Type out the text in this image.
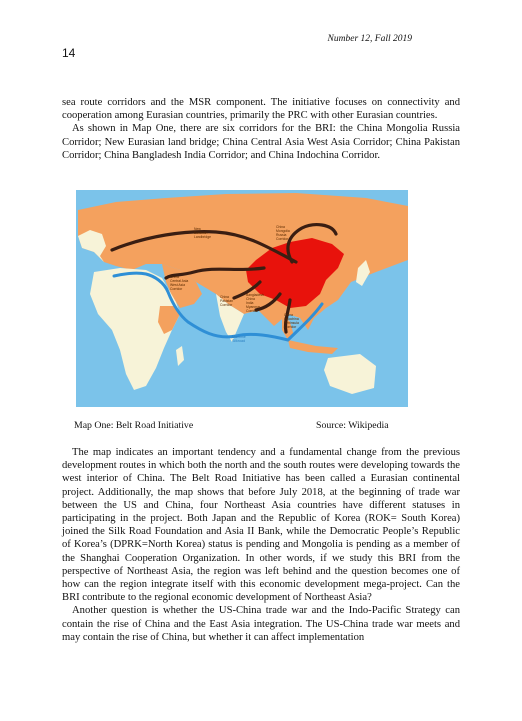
Number 12, Fall 2019
14

sea route corridors and the MSR component. The initiative focuses on connectivity and cooperation among Eurasian countries, primarily the PRC with other Eurasian countries.

As shown in Map One, there are six corridors for the BRI: the China Mongolia Russia Corridor; New Eurasian land bridge; China Central Asia West Asia Corridor; China Pakistan Corridor; China Bangladesh India Corridor; and China Indochina Corridor.

New Eurasian Landbridge
China Mongolia Russia Corridor
China Central Asia West Asia Corridor
China Pakistan Corridor
Bangladesh China India Myanmar Corridor
China Indochina Peninsula Corridor
Maritime Silkroad
Map One: Belt Road Initiative	Source: Wikipedia

The map indicates an important tendency and a fundamental change from the previous development routes in which both the north and the south routes were developing towards the west interior of China. The Belt Road Initiative has been called a Eurasian continental project. Additionally, the map shows that before July 2018, at the beginning of trade war between the US and China, four Northeast Asia countries have different statuses in participating in the project. Both Japan and the Republic of Korea (ROK= South Korea) joined the Silk Road Foundation and Asia II Bank, while the Democratic People’s Republic of Korea’s (DPRK=North Korea) status is pending and Mongolia is pending as a member of the Shanghai Cooperation Organization. In other words, if we study this BRI from the perspective of Northeast Asia, the region was left behind and the question becomes one of how can the region integrate itself with this economic development mega-project. Can the BRI contribute to the regional economic development of Northeast Asia?

Another question is whether the US-China trade war and the Indo-Pacific Strategy can contain the rise of China and the East Asia integration. The US-China trade war meets and may contain the rise of China, but whether it can affect implementation
